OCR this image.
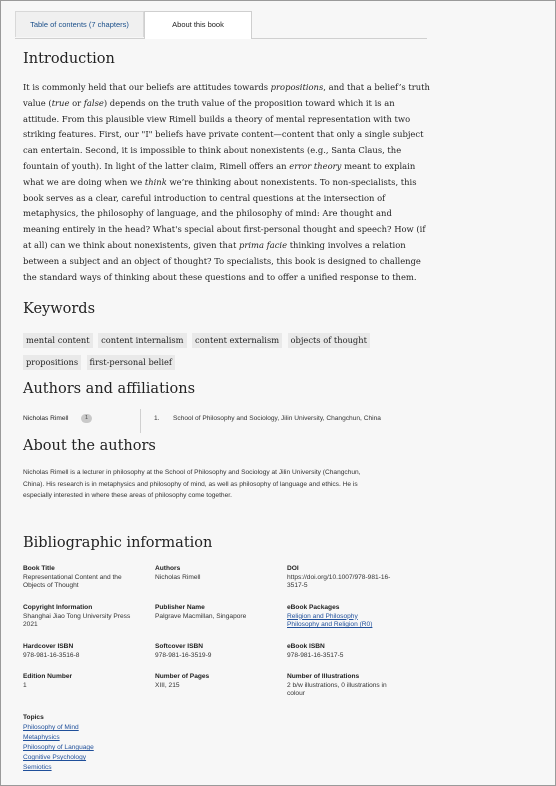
Table of contents (7 chapters)	About this book
Introduction

It is commonly held that our beliefs are attitudes towards propositions, and that a belief’s truth

value (true or false) depends on the truth value of the proposition toward which it is an

attitude. From this plausible view Rimell builds a theory of mental representation with two

striking features. First, our "I" beliefs have private content—content that only a single subject

can entertain. Second, it is impossible to think about nonexistents (e.g., Santa Claus, the

fountain of youth). In light of the latter claim, Rimell offers an error theory meant to explain

what we are doing when we think we’re thinking about nonexistents. To non-specialists, this

book serves as a clear, careful introduction to central questions at the intersection of

metaphysics, the philosophy of language, and the philosophy of mind: Are thought and

meaning entirely in the head? What's special about first-personal thought and speech? How (if

at all) can we think about nonexistents, given that prima facie thinking involves a relation

between a subject and an object of thought? To specialists, this book is designed to challenge

the standard ways of thinking about these questions and to offer a unified response to them.

Keywords
mental content content internalism content externalism objects of thought propositions first-personal belief
Authors and affiliations
Nicholas Rimell	1	1. School of Philosophy and Sociology, Jilin University, Changchun, China
About the authors

Nicholas Rimell is a lecturer in philosophy at the School of Philosophy and Sociology at Jilin University (Changchun,

China). His research is in metaphysics and philosophy of mind, as well as philosophy of language and ethics. He is

especially interested in where these areas of philosophy come together.

Bibliographic information
Book Title
Representational Content and the
Objects of Thought
Authors
Nicholas Rimell
DOI
https://doi.org/10.1007/978-981-16-
3517-5
Copyright Information
Shanghai Jiao Tong University Press
2021
Publisher Name
Palgrave Macmillan, Singapore
eBook Packages
Religion and Philosophy
Philosophy and Religion (R0)
Hardcover ISBN
978-981-16-3516-8
Softcover ISBN
978-981-16-3519-9
eBook ISBN
978-981-16-3517-5
Edition Number
1
Number of Pages
XIII, 215
Number of Illustrations
2 b/w illustrations, 0 illustrations in
colour
Topics
Philosophy of Mind
Metaphysics
Philosophy of Language
Cognitive Psychology
Semiotics
